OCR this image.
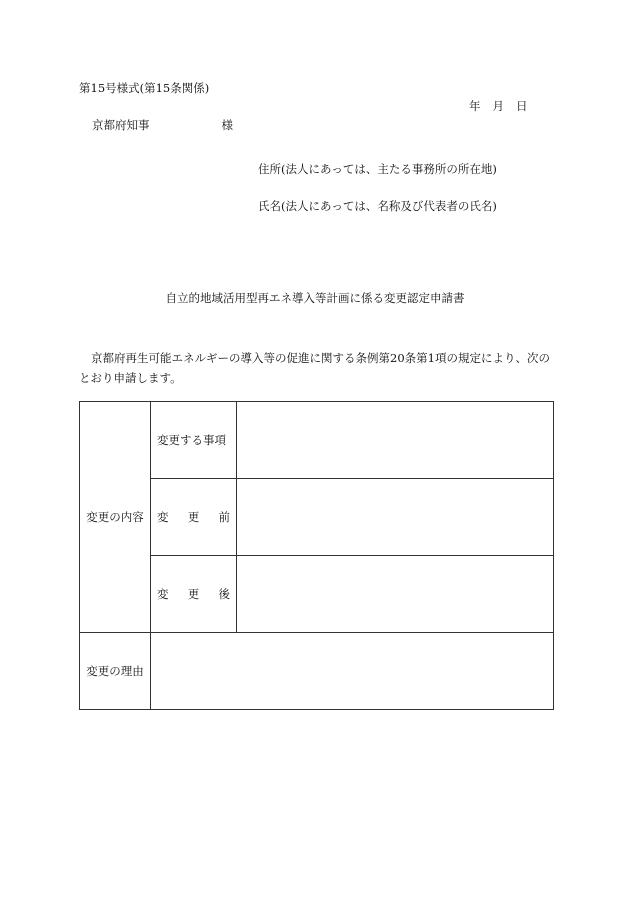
第15号様式(第15条関係)
年 月 日
京都府知事	様
住所(法人にあっては、主たる事務所の所在地)
氏名(法人にあっては、名称及び代表者の氏名)
自立的地域活用型再エネ導入等計画に係る変更認定申請書
京都府再生可能エネルギーの導入等の促進に関する条例第20条第1項の規定により、次のとおり申請します。
変更の内容	変更する事項	

	変 更 前	

	変 更 後	

変更の理由		
